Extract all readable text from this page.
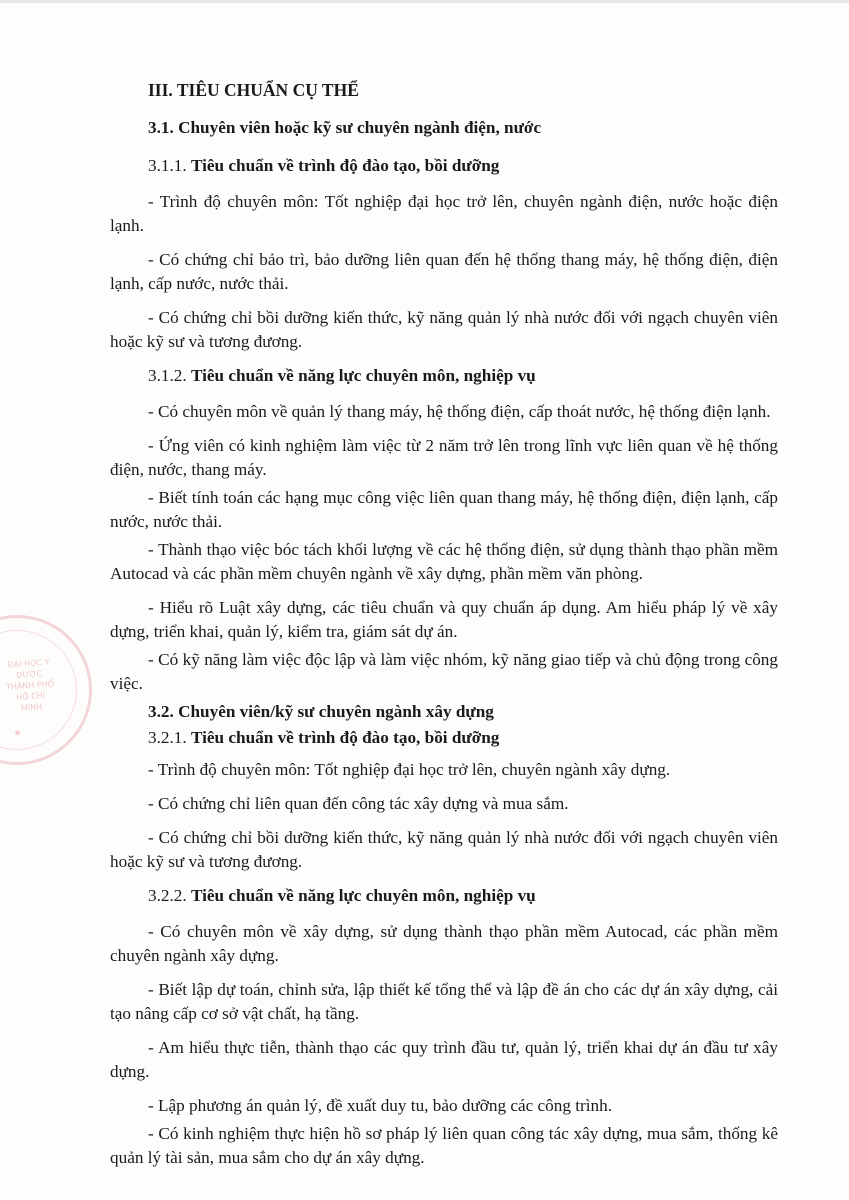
ĐẠI HỌC Y DƯỢC THÀNH PHỐ HỒ CHÍ MINH
★
III. TIÊU CHUẨN CỤ THỂ
3.1. Chuyên viên hoặc kỹ sư chuyên ngành điện, nước
3.1.1. Tiêu chuẩn về trình độ đào tạo, bồi dưỡng
- Trình độ chuyên môn: Tốt nghiệp đại học trở lên, chuyên ngành điện, nước hoặc điện lạnh.
- Có chứng chỉ bảo trì, bảo dưỡng liên quan đến hệ thống thang máy, hệ thống điện, điện lạnh, cấp nước, nước thải.
- Có chứng chỉ bồi dưỡng kiến thức, kỹ năng quản lý nhà nước đối với ngạch chuyên viên hoặc kỹ sư và tương đương.
3.1.2. Tiêu chuẩn về năng lực chuyên môn, nghiệp vụ
- Có chuyên môn về quản lý thang máy, hệ thống điện, cấp thoát nước, hệ thống điện lạnh.
- Ứng viên có kinh nghiệm làm việc từ 2 năm trở lên trong lĩnh vực liên quan về hệ thống điện, nước, thang máy.
- Biết tính toán các hạng mục công việc liên quan thang máy, hệ thống điện, điện lạnh, cấp nước, nước thải.
- Thành thạo việc bóc tách khối lượng về các hệ thống điện, sử dụng thành thạo phần mềm Autocad và các phần mềm chuyên ngành về xây dựng, phần mềm văn phòng.
- Hiểu rõ Luật xây dựng, các tiêu chuẩn và quy chuẩn áp dụng. Am hiểu pháp lý về xây dựng, triển khai, quản lý, kiểm tra, giám sát dự án.
- Có kỹ năng làm việc độc lập và làm việc nhóm, kỹ năng giao tiếp và chủ động trong công việc.
3.2. Chuyên viên/kỹ sư chuyên ngành xây dựng
3.2.1. Tiêu chuẩn về trình độ đào tạo, bồi dưỡng
- Trình độ chuyên môn: Tốt nghiệp đại học trở lên, chuyên ngành xây dựng.
- Có chứng chỉ liên quan đến công tác xây dựng và mua sắm.
- Có chứng chỉ bồi dưỡng kiến thức, kỹ năng quản lý nhà nước đối với ngạch chuyên viên hoặc kỹ sư và tương đương.
3.2.2. Tiêu chuẩn về năng lực chuyên môn, nghiệp vụ
- Có chuyên môn về xây dựng, sử dụng thành thạo phần mềm Autocad, các phần mềm chuyên ngành xây dựng.
- Biết lập dự toán, chỉnh sửa, lập thiết kế tổng thể và lập đề án cho các dự án xây dựng, cải tạo nâng cấp cơ sở vật chất, hạ tầng.
- Am hiểu thực tiễn, thành thạo các quy trình đầu tư, quản lý, triển khai dự án đầu tư xây dựng.
- Lập phương án quản lý, đề xuất duy tu, bảo dưỡng các công trình.
- Có kinh nghiệm thực hiện hồ sơ pháp lý liên quan công tác xây dựng, mua sắm, thống kê quản lý tài sản, mua sắm cho dự án xây dựng.
